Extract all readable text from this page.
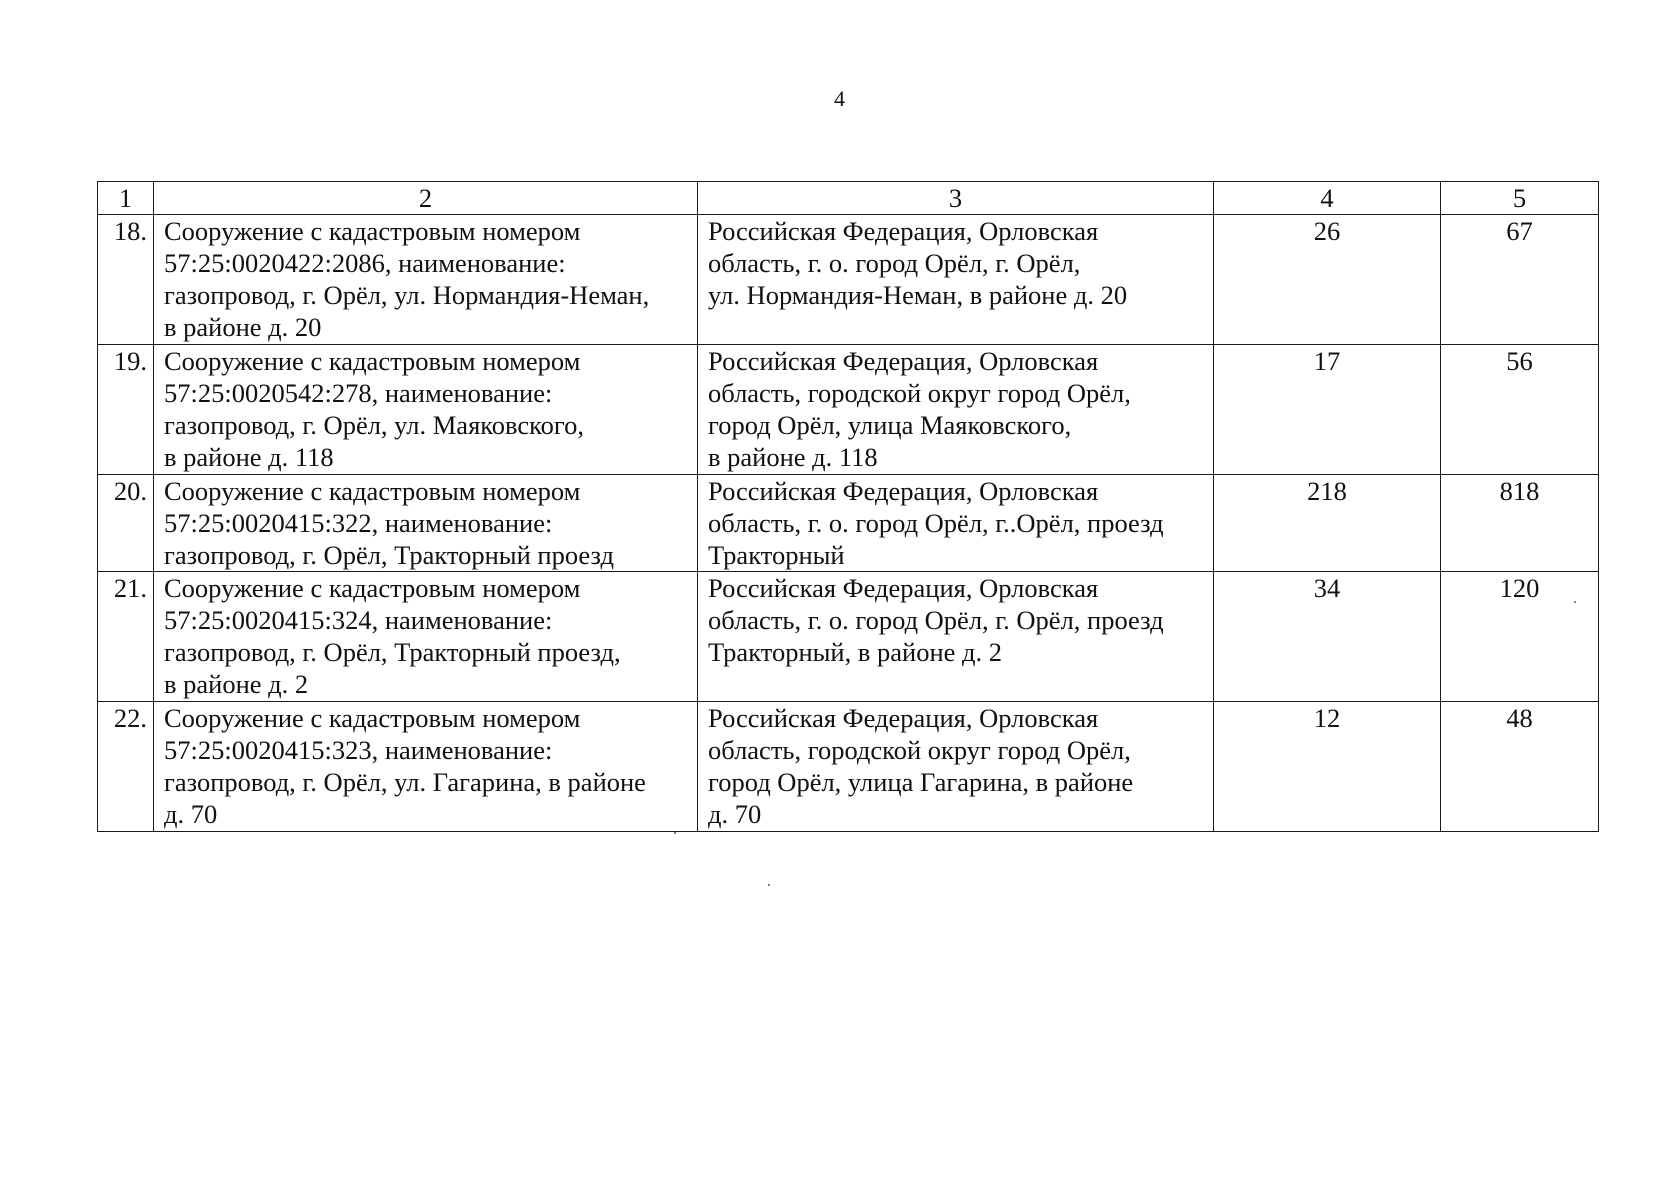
4
1	2	3	4	5
18.	Сооружение с кадастровым номером
57:25:0020422:2086, наименование:
газопровод, г. Орёл, ул. Нормандия-Неман,
в районе д. 20	Российская Федерация, Орловская
область, г. о. город Орёл, г. Орёл,
ул. Нормандия-Неман, в районе д. 20	26	67
19.	Сооружение с кадастровым номером
57:25:0020542:278, наименование:
газопровод, г. Орёл, ул. Маяковского,
в районе д. 118	Российская Федерация, Орловская
область, городской округ город Орёл,
город Орёл, улица Маяковского,
в районе д. 118	17	56
20.	Сооружение с кадастровым номером
57:25:0020415:322, наименование:
газопровод, г. Орёл, Тракторный проезд	Российская Федерация, Орловская
область, г. о. город Орёл, г..Орёл, проезд
Тракторный	218	818
21.	Сооружение с кадастровым номером
57:25:0020415:324, наименование:
газопровод, г. Орёл, Тракторный проезд,
в районе д. 2	Российская Федерация, Орловская
область, г. о. город Орёл, г. Орёл, проезд
Тракторный, в районе д. 2	34	120
22.	Сооружение с кадастровым номером
57:25:0020415:323, наименование:
газопровод, г. Орёл, ул. Гагарина, в районе
д. 70	Российская Федерация, Орловская
область, городской округ город Орёл,
город Орёл, улица Гагарина, в районе
д. 70	12	48
